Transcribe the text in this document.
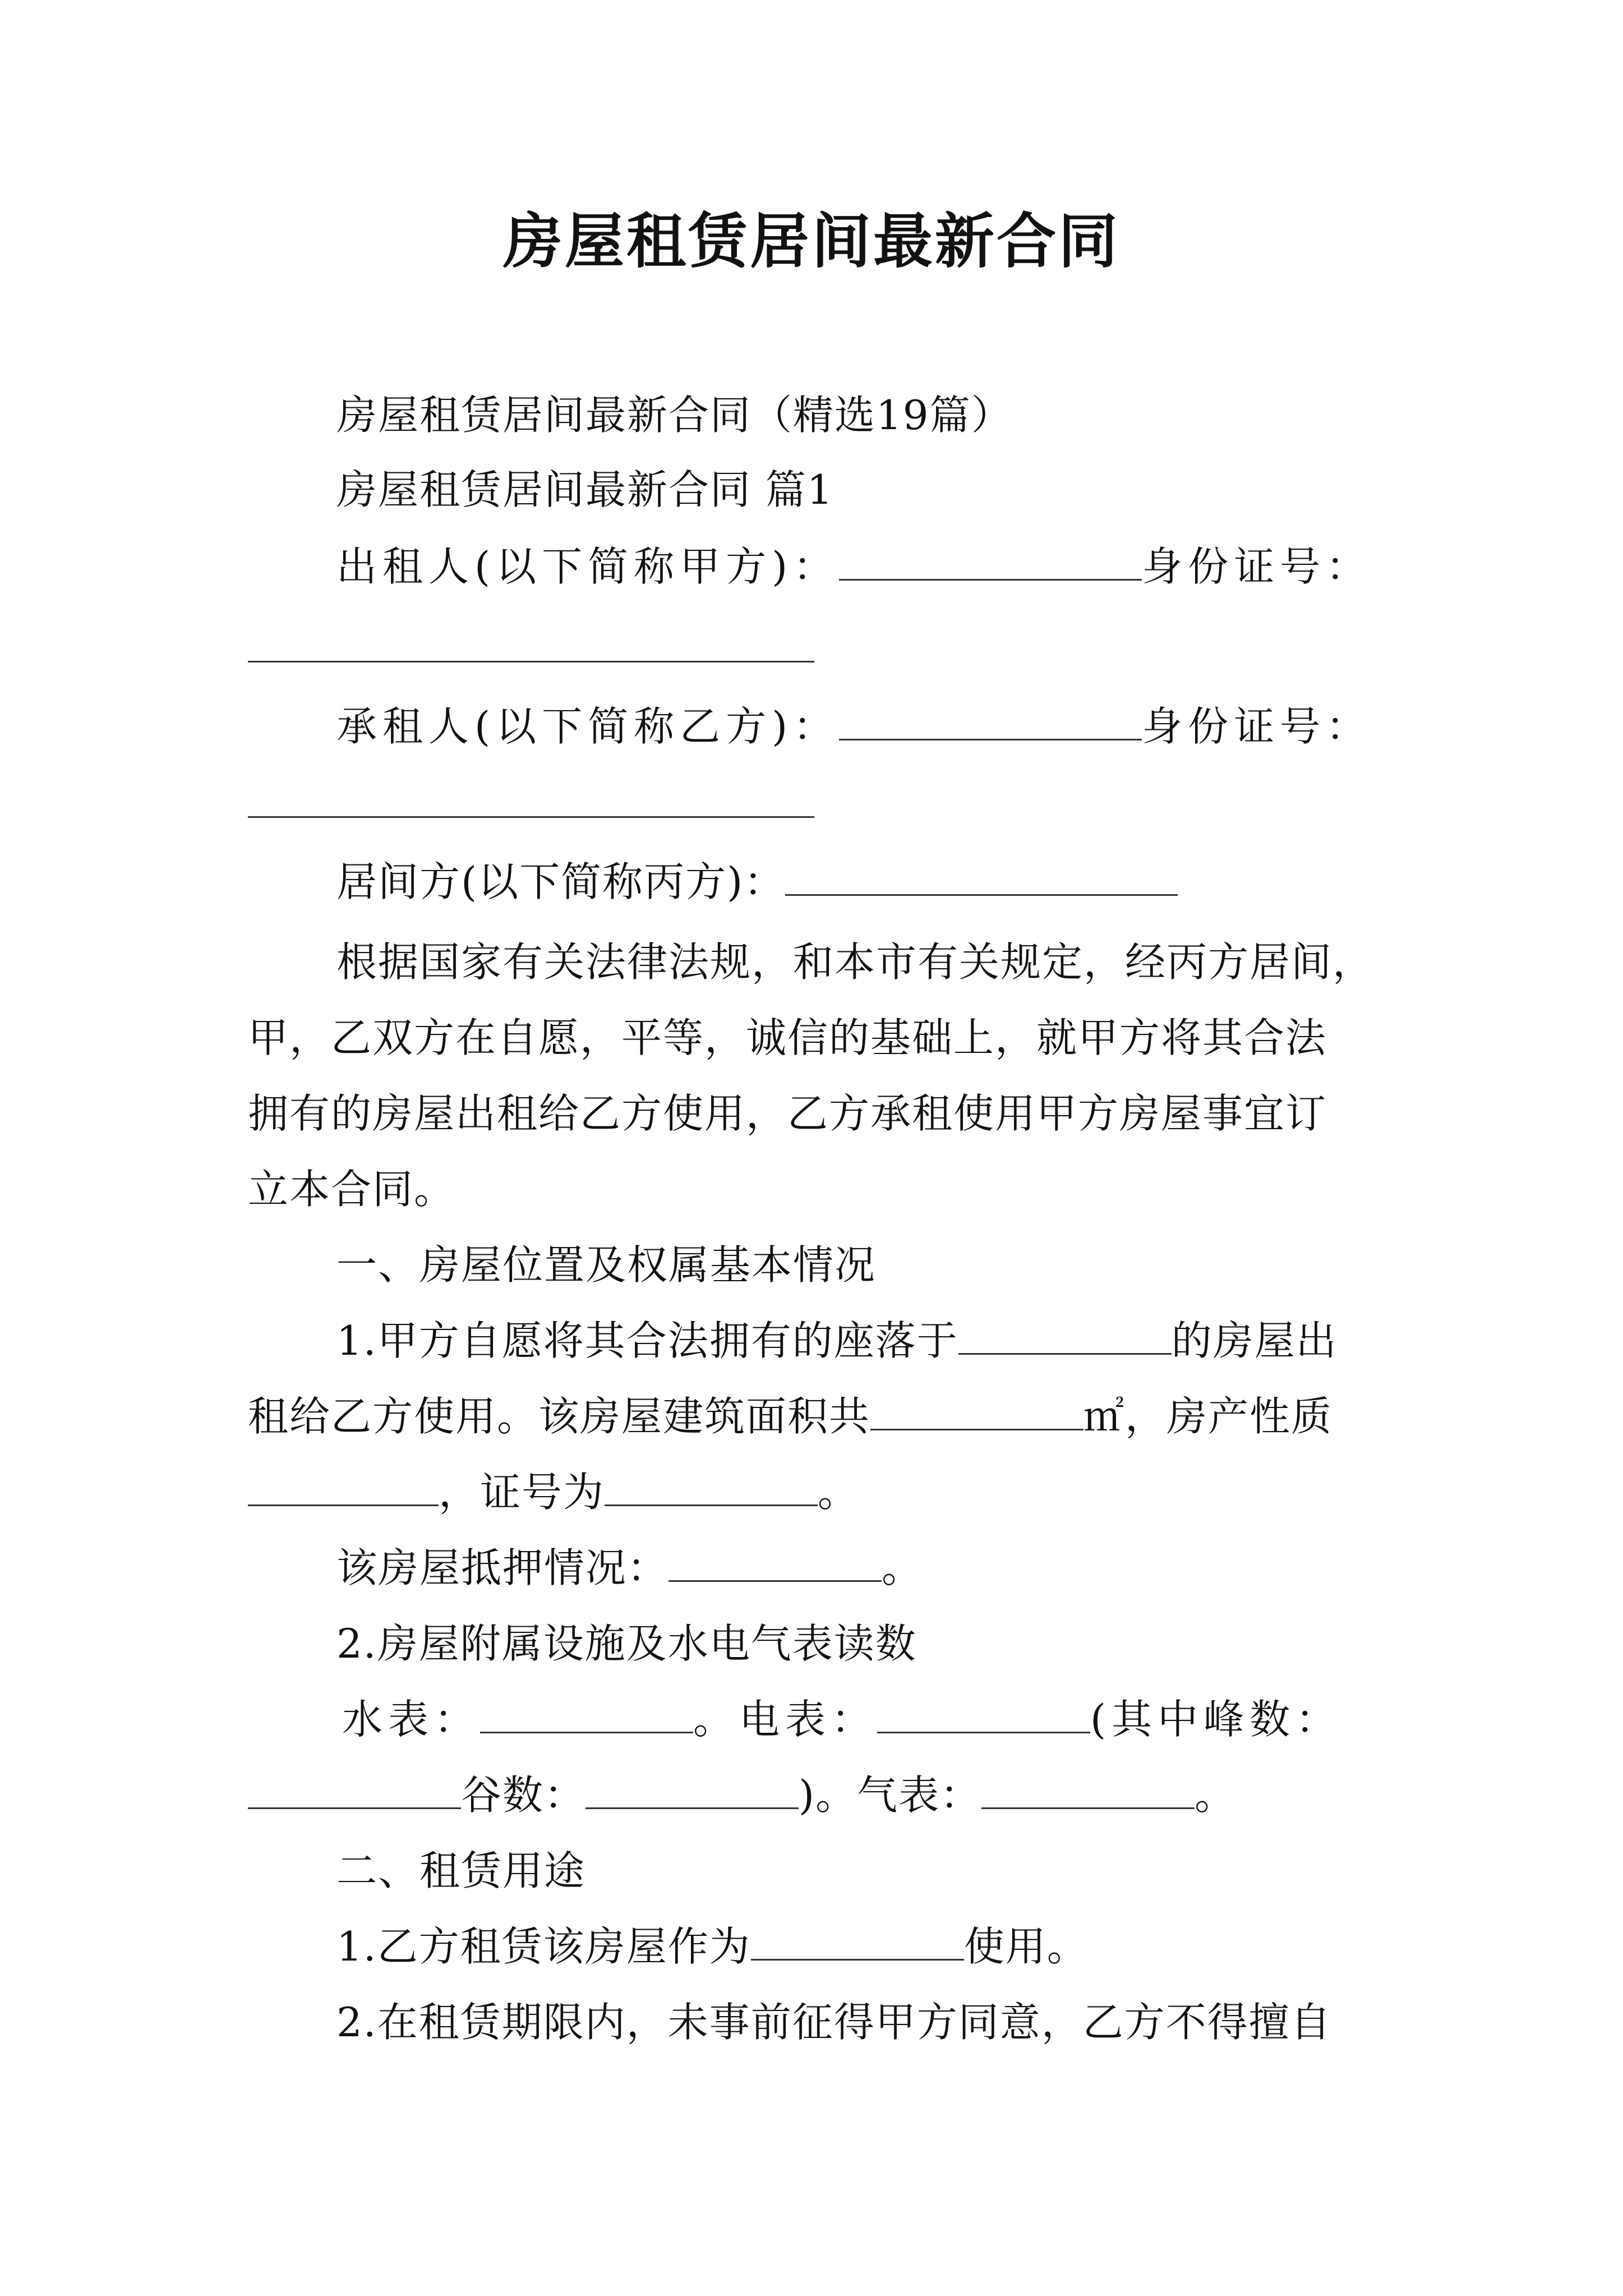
房屋租赁居间最新合同
房屋租赁居间最新合同（精选19篇）
房屋租赁居间最新合同 篇1
出租人(以下简称甲方)：	身份证号：
承租人(以下简称乙方)：	身份证号：
居间方(以下简称丙方)：
根据国家有关法律法规，和本市有关规定，经丙方居间，
甲，乙双方在自愿，平等，诚信的基础上，就甲方将其合法
拥有的房屋出租给乙方使用，乙方承租使用甲方房屋事宜订
立本合同。
一、房屋位置及权属基本情况
1.甲方自愿将其合法拥有的座落于	的房屋出
租给乙方使用。该房屋建筑面积共	㎡，房产性质
，证号为	。
该房屋抵押情况：	。
2.房屋附属设施及水电气表读数
水表：	。电表：	(其中峰数：
谷数：	)。气表：	。
二、租赁用途
1.乙方租赁该房屋作为	使用。
2.在租赁期限内，未事前征得甲方同意，乙方不得擅自
